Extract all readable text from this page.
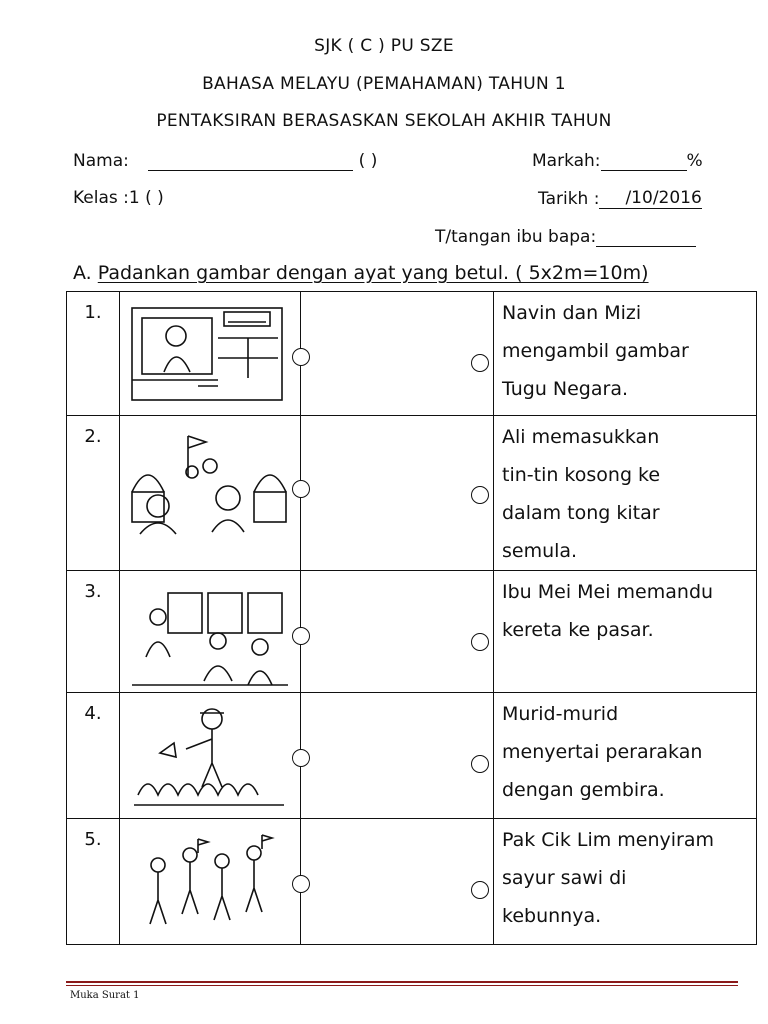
SJK ( C ) PU SZE
BAHASA MELAYU (PEMAHAMAN) TAHUN 1
PENTAKSIRAN BERASASKAN SEKOLAH AKHIR TAHUN
Nama:	( )	Markah:	%
Kelas :1 ( )	Tarikh : /10/2016
T/tangan ibu bapa:
A. Padankan gambar dengan ayat yang betul. ( 5x2m=10m)
1.			Navin dan Mizi
mengambil gambar
Tugu Negara.

2.			Ali memasukkan
tin-tin kosong ke
dalam tong kitar
semula.

3.			Ibu Mei Mei memandu
kereta ke pasar.

4.			Murid-murid
menyertai perarakan
dengan gembira.

5.			Pak Cik Lim menyiram
sayur sawi di
kebunnya.
Muka Surat 1
